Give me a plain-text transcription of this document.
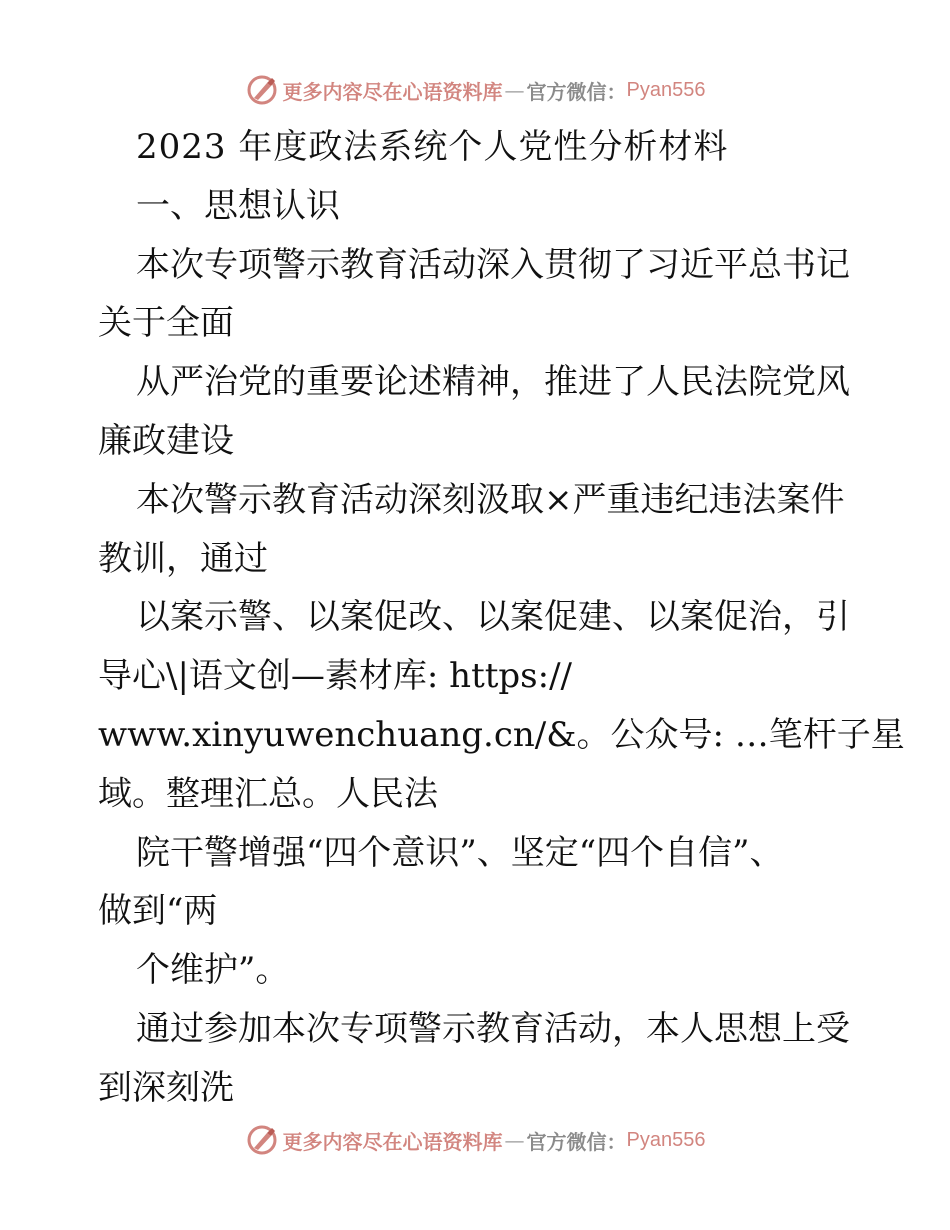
更多内容尽在心语资料库 — 官方微信： Pyan556
2023 年度政法系统个人党性分析材料
一、思想认识
本次专项警示教育活动深入贯彻了习近平总书记
关于全面
从严治党的重要论述精神，推进了人民法院党风
廉政建设
本次警示教育活动深刻汲取×严重违纪违法案件
教训，通过
以案示警、以案促改、以案促建、以案促治，引
导心\|语文创—素材库: https://
www.xinyuwenchuang.cn/&。公众号: …笔杆子星
域。整理汇总。人民法
院干警增强“四个意识”、坚定“四个自信”、
做到“两
个维护”。
通过参加本次专项警示教育活动，本人思想上受
到深刻洗
更多内容尽在心语资料库 — 官方微信： Pyan556
